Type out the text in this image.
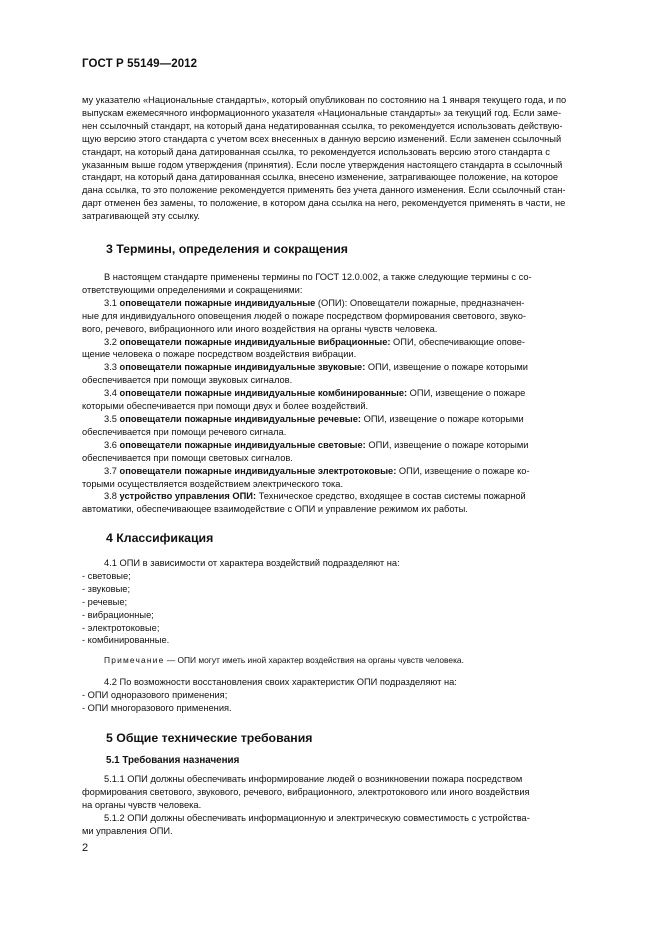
ГОСТ Р 55149—2012

му указателю «Национальные стандарты», который опубликован по состоянию на 1 января текущего года, и по

выпускам ежемесячного информационного указателя «Национальные стандарты» за текущий год. Если заме-

нен ссылочный стандарт, на который дана недатированная ссылка, то рекомендуется использовать действую-

щую версию этого стандарта с учетом всех внесенных в данную версию изменений. Если заменен ссылочный

стандарт, на который дана датированная ссылка, то рекомендуется использовать версию этого стандарта с

указанным выше годом утверждения (принятия). Если после утверждения настоящего стандарта в ссылочный

стандарт, на который дана датированная ссылка, внесено изменение, затрагивающее положение, на которое

дана ссылка, то это положение рекомендуется применять без учета данного изменения. Если ссылочный стан-

дарт отменен без замены, то положение, в котором дана ссылка на него, рекомендуется применять в части, не

затрагивающей эту ссылку.

3 Термины, определения и сокращения

В настоящем стандарте применены термины по ГОСТ 12.0.002, а также следующие термины с со-

ответствующими определениями и сокращениями:

3.1 оповещатели пожарные индивидуальные (ОПИ): Оповещатели пожарные, предназначен-

ные для индивидуального оповещения людей о пожаре посредством формирования светового, звуко-

вого, речевого, вибрационного или иного воздействия на органы чувств человека.

3.2 оповещатели пожарные индивидуальные вибрационные: ОПИ, обеспечивающие опове-

щение человека о пожаре посредством воздействия вибрации.

3.3 оповещатели пожарные индивидуальные звуковые: ОПИ, извещение о пожаре которыми

обеспечивается при помощи звуковых сигналов.

3.4 оповещатели пожарные индивидуальные комбинированные: ОПИ, извещение о пожаре

которыми обеспечивается при помощи двух и более воздействий.

3.5 оповещатели пожарные индивидуальные речевые: ОПИ, извещение о пожаре которыми

обеспечивается при помощи речевого сигнала.

3.6 оповещатели пожарные индивидуальные световые: ОПИ, извещение о пожаре которыми

обеспечивается при помощи световых сигналов.

3.7 оповещатели пожарные индивидуальные электротоковые: ОПИ, извещение о пожаре ко-

торыми осуществляется воздействием электрического тока.

3.8 устройство управления ОПИ: Техническое средство, входящее в состав системы пожарной

автоматики, обеспечивающее взаимодействие с ОПИ и управление режимом их работы.

4 Классификация

4.1 ОПИ в зависимости от характера воздействий подразделяют на:

- световые;

- звуковые;

- речевые;

- вибрационные;

- электротоковые;

- комбинированные.

Примечание — ОПИ могут иметь иной характер воздействия на органы чувств человека.

4.2 По возможности восстановления своих характеристик ОПИ подразделяют на:

- ОПИ одноразового применения;

- ОПИ многоразового применения.

5 Общие технические требования
5.1 Требования назначения

5.1.1 ОПИ должны обеспечивать информирование людей о возникновении пожара посредством

формирования светового, звукового, речевого, вибрационного, электротокового или иного воздействия

на органы чувств человека.

5.1.2 ОПИ должны обеспечивать информационную и электрическую совместимость с устройства-

ми управления ОПИ.

2
